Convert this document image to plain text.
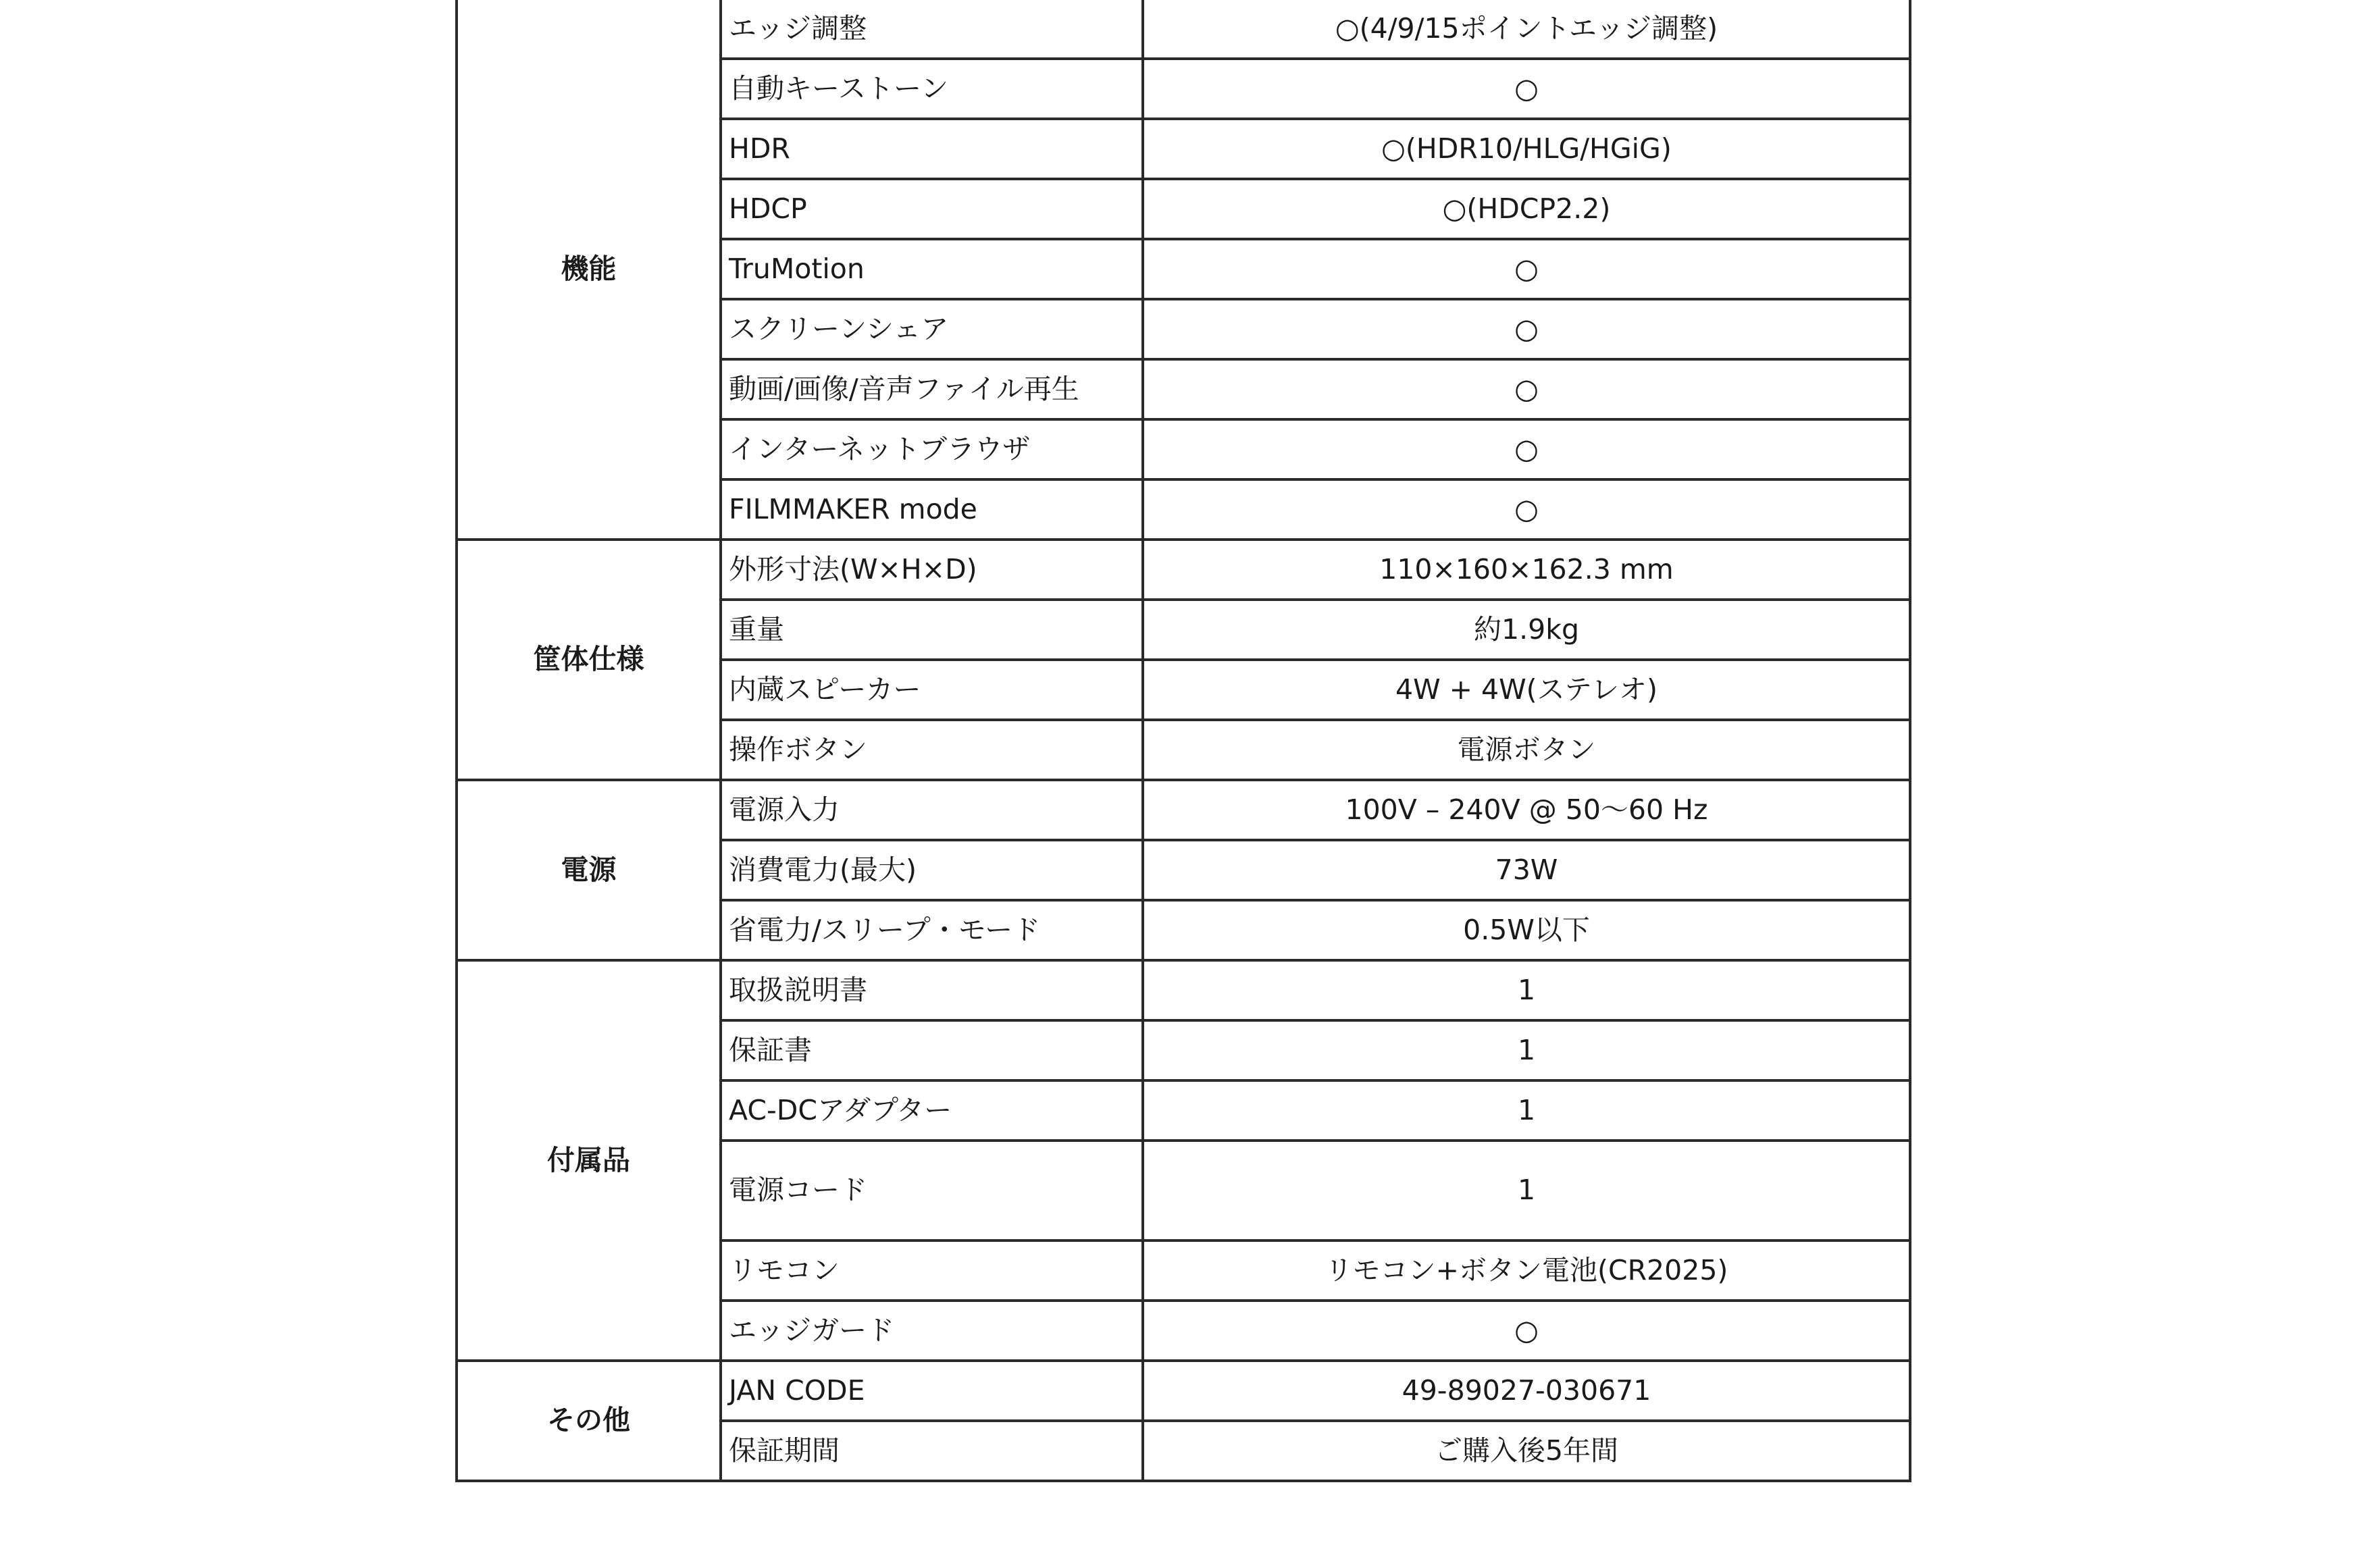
機能	エッジ調整	○(4/9/15ポイントエッジ調整)
	自動キーストーン	○
	HDR	○(HDR10/HLG/HGiG)
	HDCP	○(HDCP2.2)
	TruMotion	○
	スクリーンシェア	○
	動画/画像/音声ファイル再生	○
	インターネットブラウザ	○
	FILMMAKER mode	○
筐体仕様	外形寸法(W×H×D)	110×160×162.3 mm
	重量	約1.9kg
	内蔵スピーカー	4W + 4W(ステレオ)
	操作ボタン	電源ボタン
電源	電源入力	100V – 240V @ 50〜60 Hz
	消費電力(最大)	73W
	省電力/スリープ・モード	0.5W以下
付属品	取扱説明書	1
	保証書	1
	AC-DCアダプター	1
	電源コード	1
	リモコン	リモコン+ボタン電池(CR2025)
	エッジガード	○
その他	JAN CODE	49-89027-030671
	保証期間	ご購入後5年間
